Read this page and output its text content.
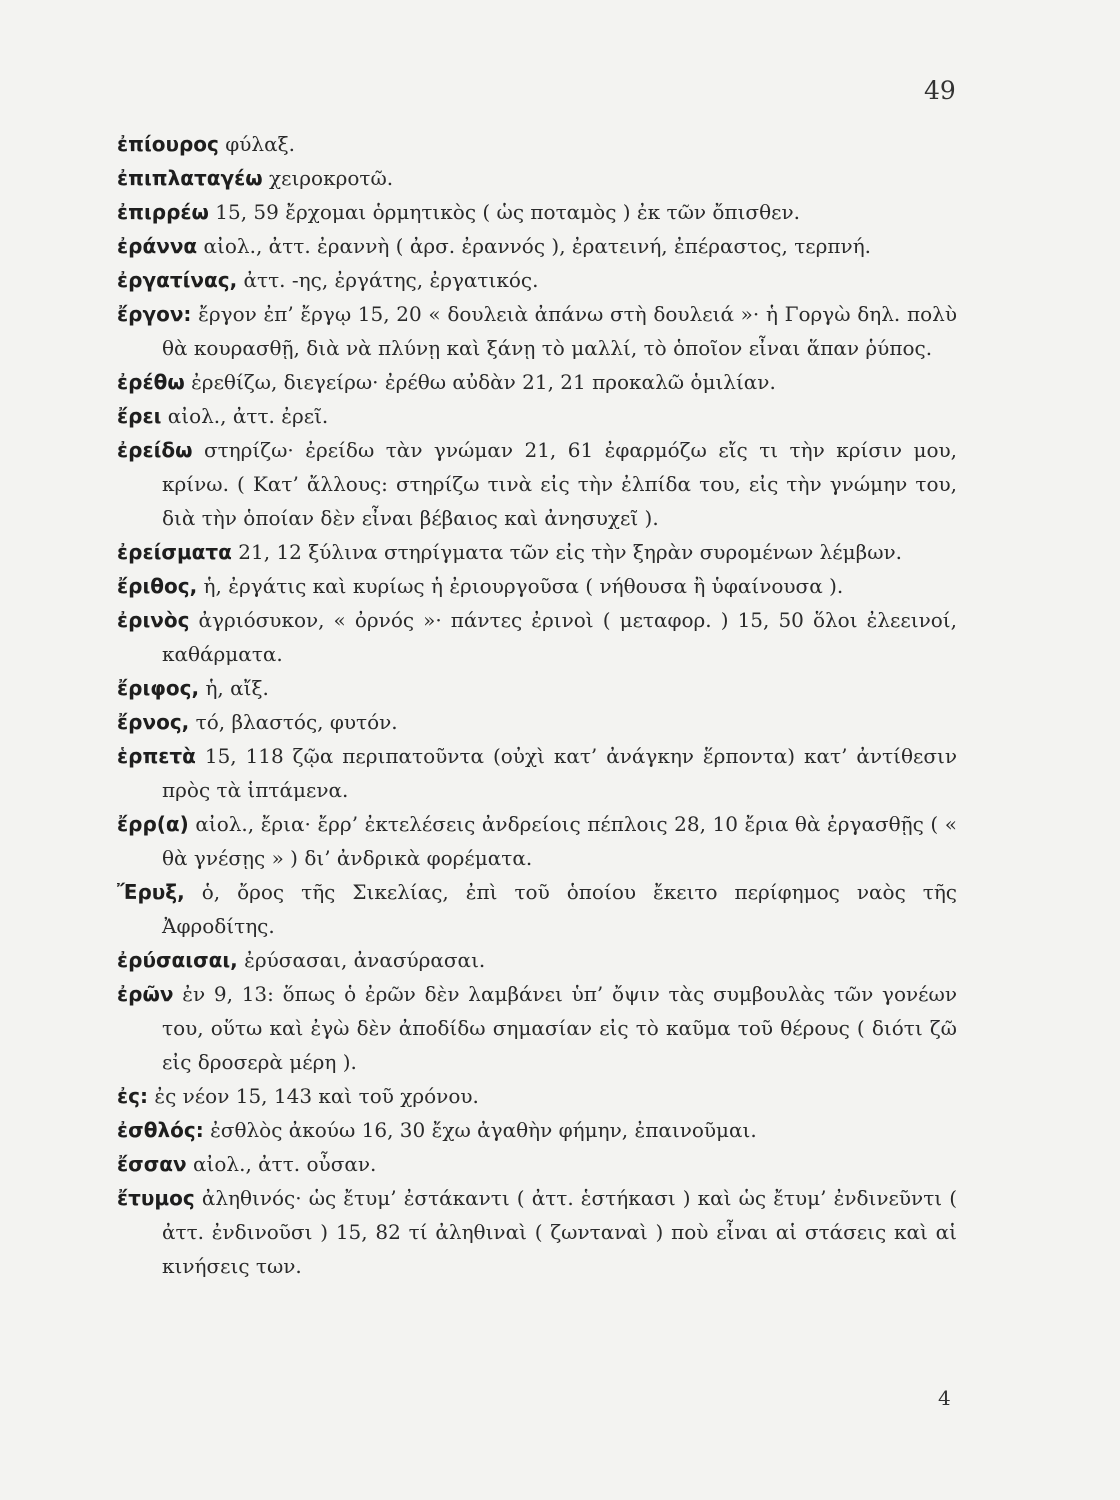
49
ἐπίουρος φύλαξ.
ἐπιπλαταγέω χειροκροτῶ.
ἐπιρρέω 15, 59 ἔρχομαι ὁρμητικὸς ( ὡς ποταμὸς ) ἐκ τῶν ὄπισθεν.
ἐράννα αἰολ., ἀττ. ἐραννὴ ( ἀρσ. ἐραννός ), ἐρατεινή, ἐπέραστος, τερπνή.
ἐργατίνας, ἀττ. -ης, ἐργάτης, ἐργατικός.
ἔργον: ἔργον ἐπ’ ἔργῳ 15, 20 « δουλειὰ ἀπάνω στὴ δουλειά »· ἡ Γοργὼ δηλ. πολὺ θὰ κουρασθῇ, διὰ νὰ πλύνῃ καὶ ξάνῃ τὸ μαλλί, τὸ ὁποῖον εἶναι ἅπαν ῥύπος.
ἐρέθω ἐρεθίζω, διεγείρω· ἐρέθω αὐδὰν 21, 21 προκαλῶ ὁμιλίαν.
ἔρει αἰολ., ἀττ. ἐρεῖ.
ἐρείδω στηρίζω· ἐρείδω τὰν γνώμαν 21, 61 ἐφαρμόζω εἴς τι τὴν κρίσιν μου, κρίνω. ( Κατ’ ἄλλους: στηρίζω τινὰ εἰς τὴν ἐλπίδα του, εἰς τὴν γνώμην του, διὰ τὴν ὁποίαν δὲν εἶναι βέβαιος καὶ ἀνησυχεῖ ).
ἐρείσματα 21, 12 ξύλινα στηρίγματα τῶν εἰς τὴν ξηρὰν συρομένων λέμβων.
ἔριθος, ἡ, ἐργάτις καὶ κυρίως ἡ ἐριουργοῦσα ( νήθουσα ἢ ὑφαίνουσα ).
ἐρινὸς ἀγριόσυκον, « ὀρνός »· πάντες ἐρινοὶ ( μεταφορ. ) 15, 50 ὅλοι ἐλεεινοί, καθάρματα.
ἔριφος, ἡ, αἴξ.
ἔρνος, τό, βλαστός, φυτόν.
ἑρπετὰ 15, 118 ζῷα περιπατοῦντα (οὐχὶ κατ’ ἀνάγκην ἕρποντα) κατ’ ἀντίθεσιν πρὸς τὰ ἱπτάμενα.
ἔρρ(α) αἰολ., ἔρια· ἔρρ’ ἐκτελέσεις ἀνδρείοις πέπλοις 28, 10 ἔρια θὰ ἐργασθῇς ( « θὰ γνέσῃς » ) δι’ ἀνδρικὰ φορέματα.
Ἔρυξ, ὁ, ὄρος τῆς Σικελίας, ἐπὶ τοῦ ὁποίου ἔκειτο περίφημος ναὸς τῆς Ἀφροδίτης.
ἐρύσαισαι, ἐρύσασαι, ἀνασύρασαι.
ἐρῶν ἐν 9, 13: ὅπως ὁ ἐρῶν δὲν λαμβάνει ὑπ’ ὄψιν τὰς συμβουλὰς τῶν γονέων του, οὕτω καὶ ἐγὼ δὲν ἀποδίδω σημασίαν εἰς τὸ καῦμα τοῦ θέρους ( διότι ζῶ εἰς δροσερὰ μέρη ).
ἐς: ἐς νέον 15, 143 καὶ τοῦ χρόνου.
ἐσθλός: ἐσθλὸς ἀκούω 16, 30 ἔχω ἀγαθὴν φήμην, ἐπαινοῦμαι.
ἔσσαν αἰολ., ἀττ. οὖσαν.
ἔτυμος ἀληθινός· ὡς ἔτυμ’ ἐστάκαντι ( ἀττ. ἑστήκασι ) καὶ ὡς ἔτυμ’ ἐνδινεῦντι ( ἀττ. ἐνδινοῦσι ) 15, 82 τί ἀληθιναὶ ( ζωνταναὶ ) ποὺ εἶναι αἱ στάσεις καὶ αἱ κινήσεις των.
4
